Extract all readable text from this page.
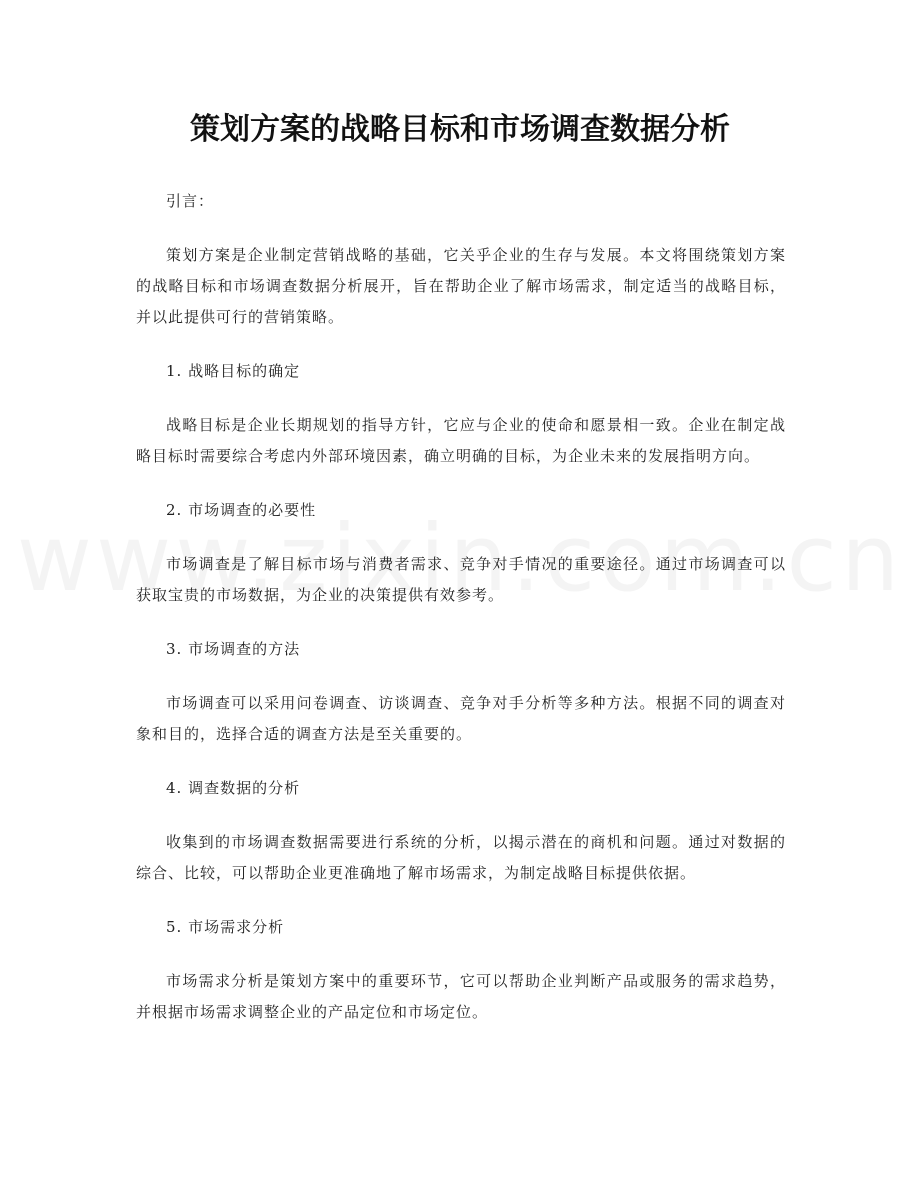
策划方案的战略目标和市场调查数据分析

引言：

策划方案是企业制定营销战略的基础，它关乎企业的生存与发展。本文将围绕策划方案的战略目标和市场调查数据分析展开，旨在帮助企业了解市场需求，制定适当的战略目标，并以此提供可行的营销策略。

1. 战略目标的确定

战略目标是企业长期规划的指导方针，它应与企业的使命和愿景相一致。企业在制定战略目标时需要综合考虑内外部环境因素，确立明确的目标，为企业未来的发展指明方向。

2. 市场调查的必要性

市场调查是了解目标市场与消费者需求、竞争对手情况的重要途径。通过市场调查可以获取宝贵的市场数据，为企业的决策提供有效参考。

3. 市场调查的方法

市场调查可以采用问卷调查、访谈调查、竞争对手分析等多种方法。根据不同的调查对象和目的，选择合适的调查方法是至关重要的。

4. 调查数据的分析

收集到的市场调查数据需要进行系统的分析，以揭示潜在的商机和问题。通过对数据的综合、比较，可以帮助企业更准确地了解市场需求，为制定战略目标提供依据。

5. 市场需求分析

市场需求分析是策划方案中的重要环节，它可以帮助企业判断产品或服务的需求趋势，并根据市场需求调整企业的产品定位和市场定位。
